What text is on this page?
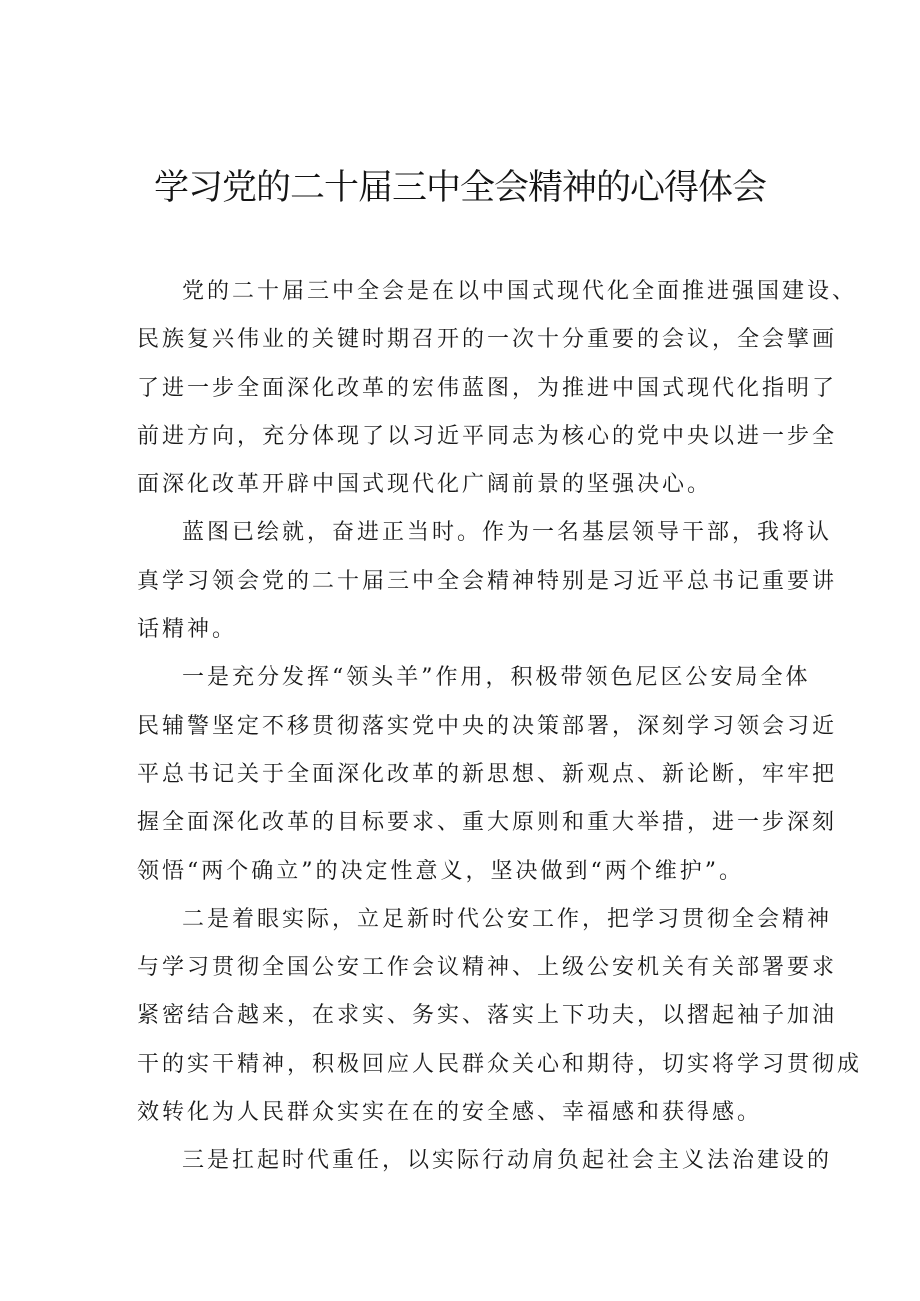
学习党的二十届三中全会精神的心得体会
党的二十届三中全会是在以中国式现代化全面推进强国建设、
民族复兴伟业的关键时期召开的一次十分重要的会议，全会擘画
了进一步全面深化改革的宏伟蓝图，为推进中国式现代化指明了
前进方向，充分体现了以习近平同志为核心的党中央以进一步全
面深化改革开辟中国式现代化广阔前景的坚强决心。
蓝图已绘就，奋进正当时。作为一名基层领导干部，我将认
真学习领会党的二十届三中全会精神特别是习近平总书记重要讲
话精神。
一是充分发挥“领头羊”作用，积极带领色尼区公安局全体
民辅警坚定不移贯彻落实党中央的决策部署，深刻学习领会习近
平总书记关于全面深化改革的新思想、新观点、新论断，牢牢把
握全面深化改革的目标要求、重大原则和重大举措，进一步深刻
领悟“两个确立”的决定性意义，坚决做到“两个维护”。
二是着眼实际，立足新时代公安工作，把学习贯彻全会精神
与学习贯彻全国公安工作会议精神、上级公安机关有关部署要求
紧密结合越来，在求实、务实、落实上下功夫，以摺起袖子加油
干的实干精神，积极回应人民群众关心和期待，切实将学习贯彻成
效转化为人民群众实实在在的安全感、幸福感和获得感。
三是扛起时代重任，以实际行动肩负起社会主义法治建设的
